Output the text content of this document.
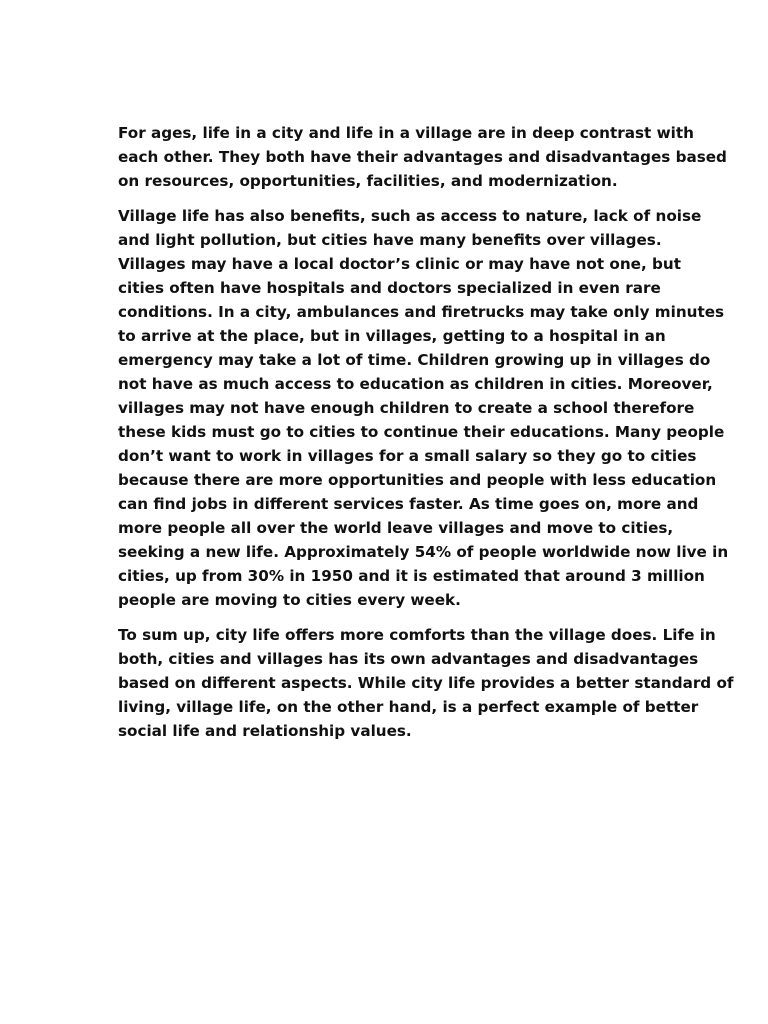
For ages, life in a city and life in a village are in deep contrast with
each other. They both have their advantages and disadvantages based
on resources, opportunities, facilities, and modernization.

Village life has also benefits, such as access to nature, lack of noise
and light pollution, but cities have many benefits over villages.
Villages may have a local doctor’s clinic or may have not one, but
cities often have hospitals and doctors specialized in even rare
conditions. In a city, ambulances and firetrucks may take only minutes
to arrive at the place, but in villages, getting to a hospital in an
emergency may take a lot of time. Children growing up in villages do
not have as much access to education as children in cities. Moreover,
villages may not have enough children to create a school therefore
these kids must go to cities to continue their educations. Many people
don’t want to work in villages for a small salary so they go to cities
because there are more opportunities and people with less education
can find jobs in different services faster. As time goes on, more and
more people all over the world leave villages and move to cities,
seeking a new life. Approximately 54% of people worldwide now live in
cities, up from 30% in 1950 and it is estimated that around 3 million
people are moving to cities every week.

To sum up, city life offers more comforts than the village does. Life in
both, cities and villages has its own advantages and disadvantages
based on different aspects. While city life provides a better standard of
living, village life, on the other hand, is a perfect example of better
social life and relationship values.
